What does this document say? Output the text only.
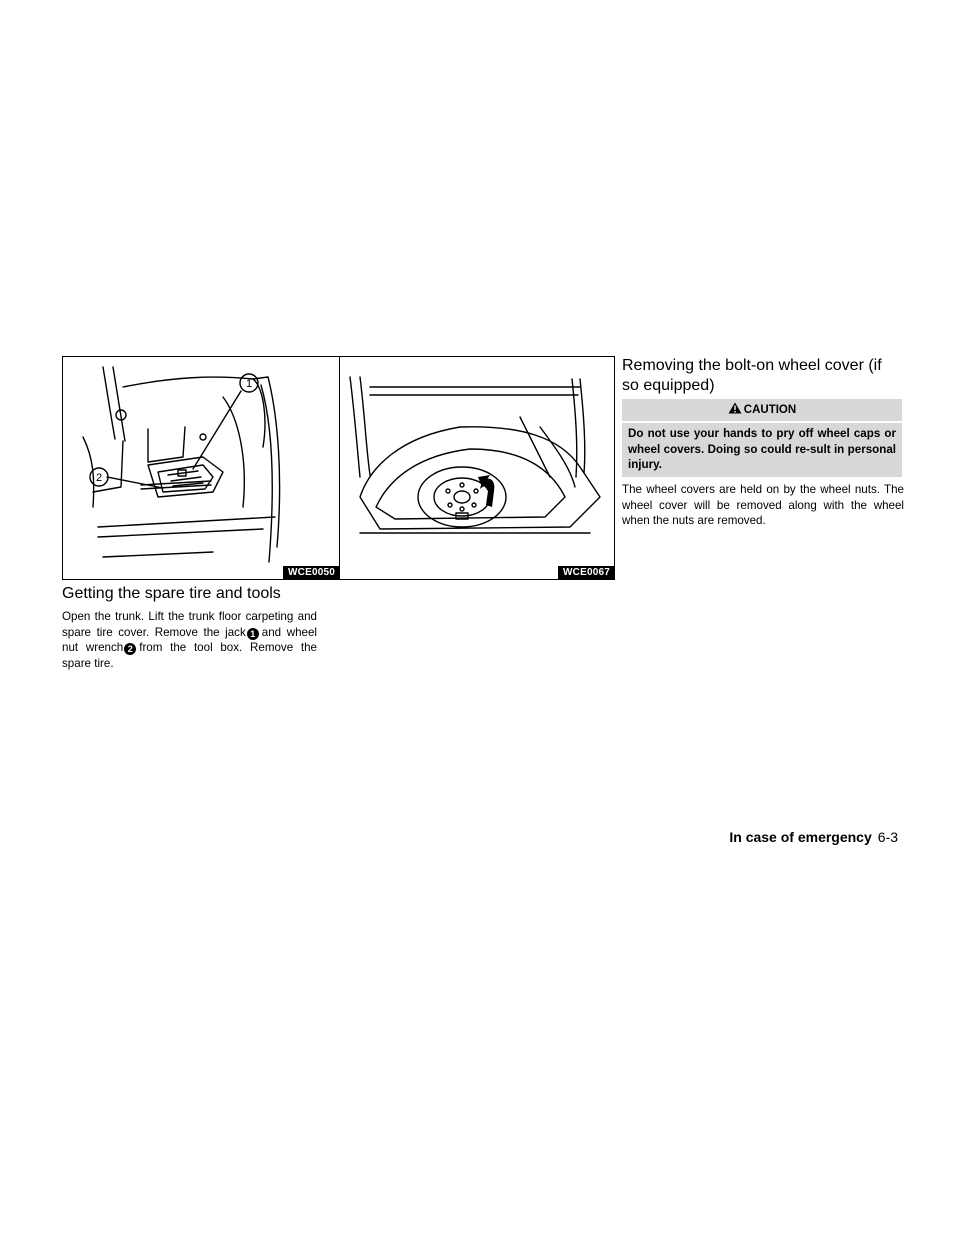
1
2
WCE0050	WCE0067
Getting the spare tire and tools

Open the trunk. Lift the trunk floor carpeting and spare tire cover. Remove the jack 1 and wheel nut wrench 2 from the tool box. Remove the spare tire.

Removing the bolt-on wheel cover (if so equipped)
CAUTION
Do not use your hands to pry off wheel caps or wheel covers. Doing so could re-sult in personal injury.

The wheel covers are held on by the wheel nuts. The wheel cover will be removed along with the wheel when the nuts are removed.

In case of emergency 6-3
